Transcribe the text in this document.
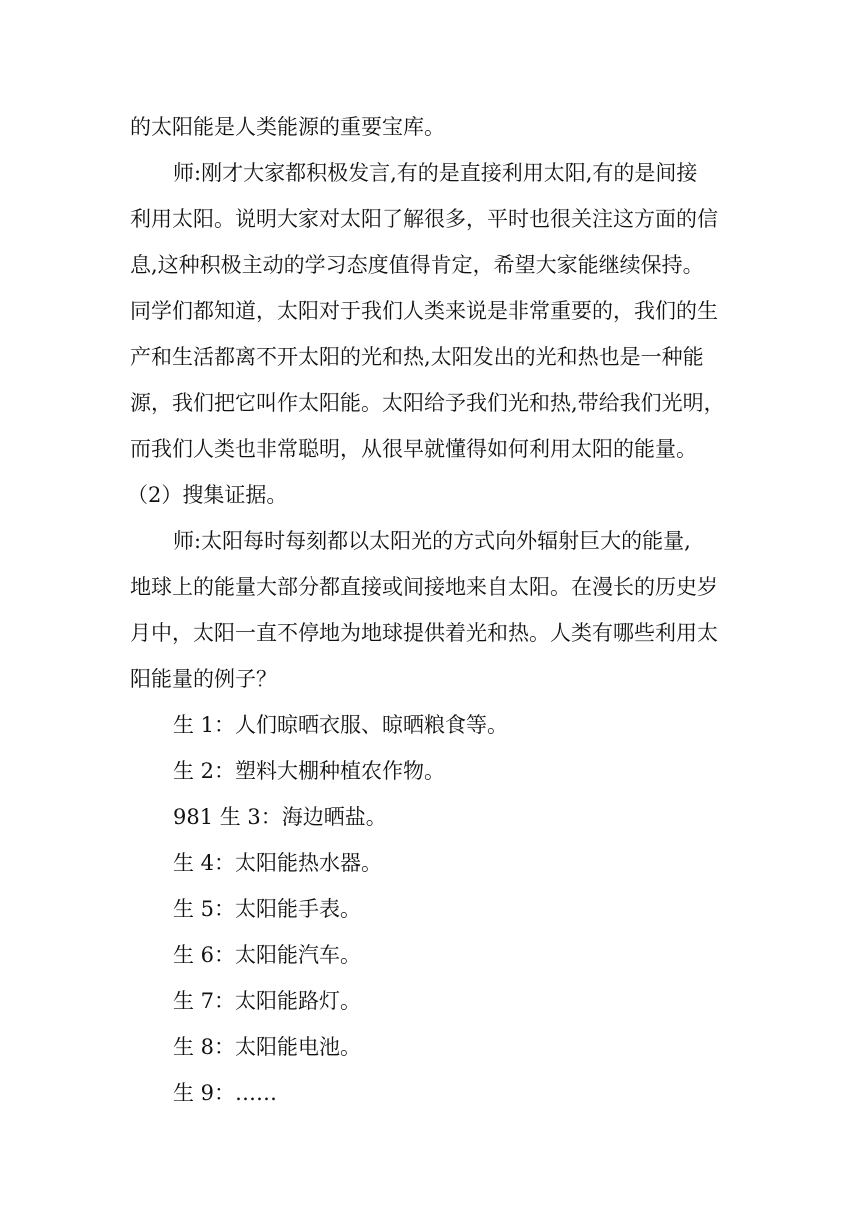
的太阳能是人类能源的重要宝库。
师:刚才大家都积极发言,有的是直接利用太阳,有的是间接
利用太阳。说明大家对太阳了解很多，平时也很关注这方面的信
息,这种积极主动的学习态度值得肯定，希望大家能继续保持。
同学们都知道，太阳对于我们人类来说是非常重要的，我们的生
产和生活都离不开太阳的光和热,太阳发出的光和热也是一种能
源，我们把它叫作太阳能。太阳给予我们光和热,带给我们光明，
而我们人类也非常聪明，从很早就懂得如何利用太阳的能量。
（2）搜集证据。
师:太阳每时每刻都以太阳光的方式向外辐射巨大的能量,
地球上的能量大部分都直接或间接地来自太阳。在漫长的历史岁
月中，太阳一直不停地为地球提供着光和热。人类有哪些利用太
阳能量的例子？
生 1：人们晾晒衣服、晾晒粮食等。
生 2：塑料大棚种植农作物。
981 生 3：海边晒盐。
生 4：太阳能热水器。
生 5：太阳能手表。
生 6：太阳能汽车。
生 7：太阳能路灯。
生 8：太阳能电池。
生 9：……
